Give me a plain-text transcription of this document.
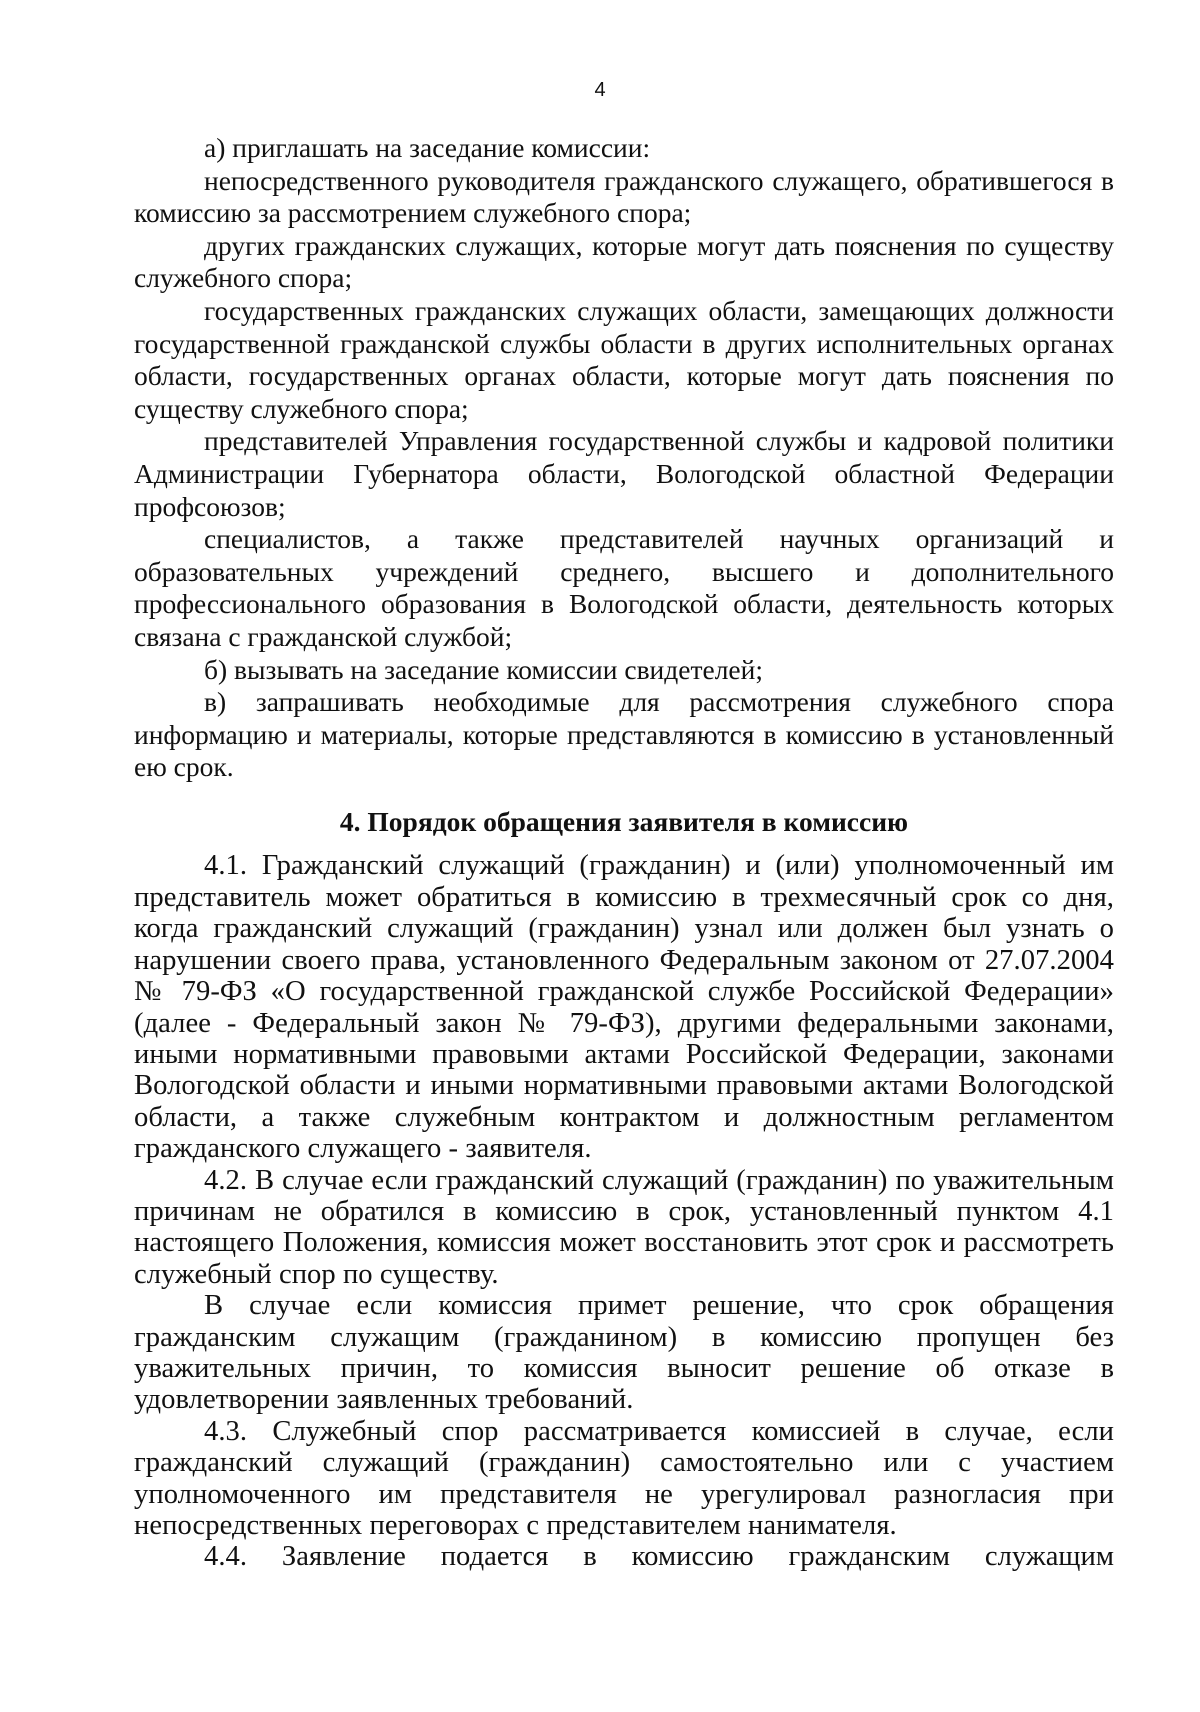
4

а) приглашать на заседание комиссии:

непосредственного руководителя гражданского служащего, обратившегося в комиссию за рассмотрением служебного спора;

других гражданских служащих, которые могут дать пояснения по существу служебного спора;

государственных гражданских служащих области, замещающих должности государственной гражданской службы области в других исполнительных органах области, государственных органах области, которые могут дать пояснения по существу служебного спора;

представителей Управления государственной службы и кадровой политики Администрации Губернатора области, Вологодской областной Федерации профсоюзов;

специалистов, а также представителей научных организаций и образовательных учреждений среднего, высшего и дополнительного профессионального образования в Вологодской области, деятельность которых связана с гражданской службой;

б) вызывать на заседание комиссии свидетелей;

в) запрашивать необходимые для рассмотрения служебного спора информацию и материалы, которые представляются в комиссию в установленный ею срок.

4. Порядок обращения заявителя в комиссию

4.1. Гражданский служащий (гражданин) и (или) уполномоченный им представитель может обратиться в комиссию в трехмесячный срок со дня, когда гражданский служащий (гражданин) узнал или должен был узнать о нарушении своего права, установленного Федеральным законом от 27.07.2004 № 79-ФЗ «О государственной гражданской службе Российской Федерации» (далее - Федеральный закон № 79-ФЗ), другими федеральными законами, иными нормативными правовыми актами Российской Федерации, законами Вологодской области и иными нормативными правовыми актами Вологодской области, а также служебным контрактом и должностным регламентом гражданского служащего - заявителя.

4.2. В случае если гражданский служащий (гражданин) по уважительным причинам не обратился в комиссию в срок, установленный пунктом 4.1 настоящего Положения, комиссия может восстановить этот срок и рассмотреть служебный спор по существу.

В случае если комиссия примет решение, что срок обращения гражданским служащим (гражданином) в комиссию пропущен без уважительных причин, то комиссия выносит решение об отказе в удовлетворении заявленных требований.

4.3. Служебный спор рассматривается комиссией в случае, если гражданский служащий (гражданин) самостоятельно или с участием уполномоченного им представителя не урегулировал разногласия при непосредственных переговорах с представителем нанимателя.

4.4. Заявление подается в комиссию гражданским служащим
